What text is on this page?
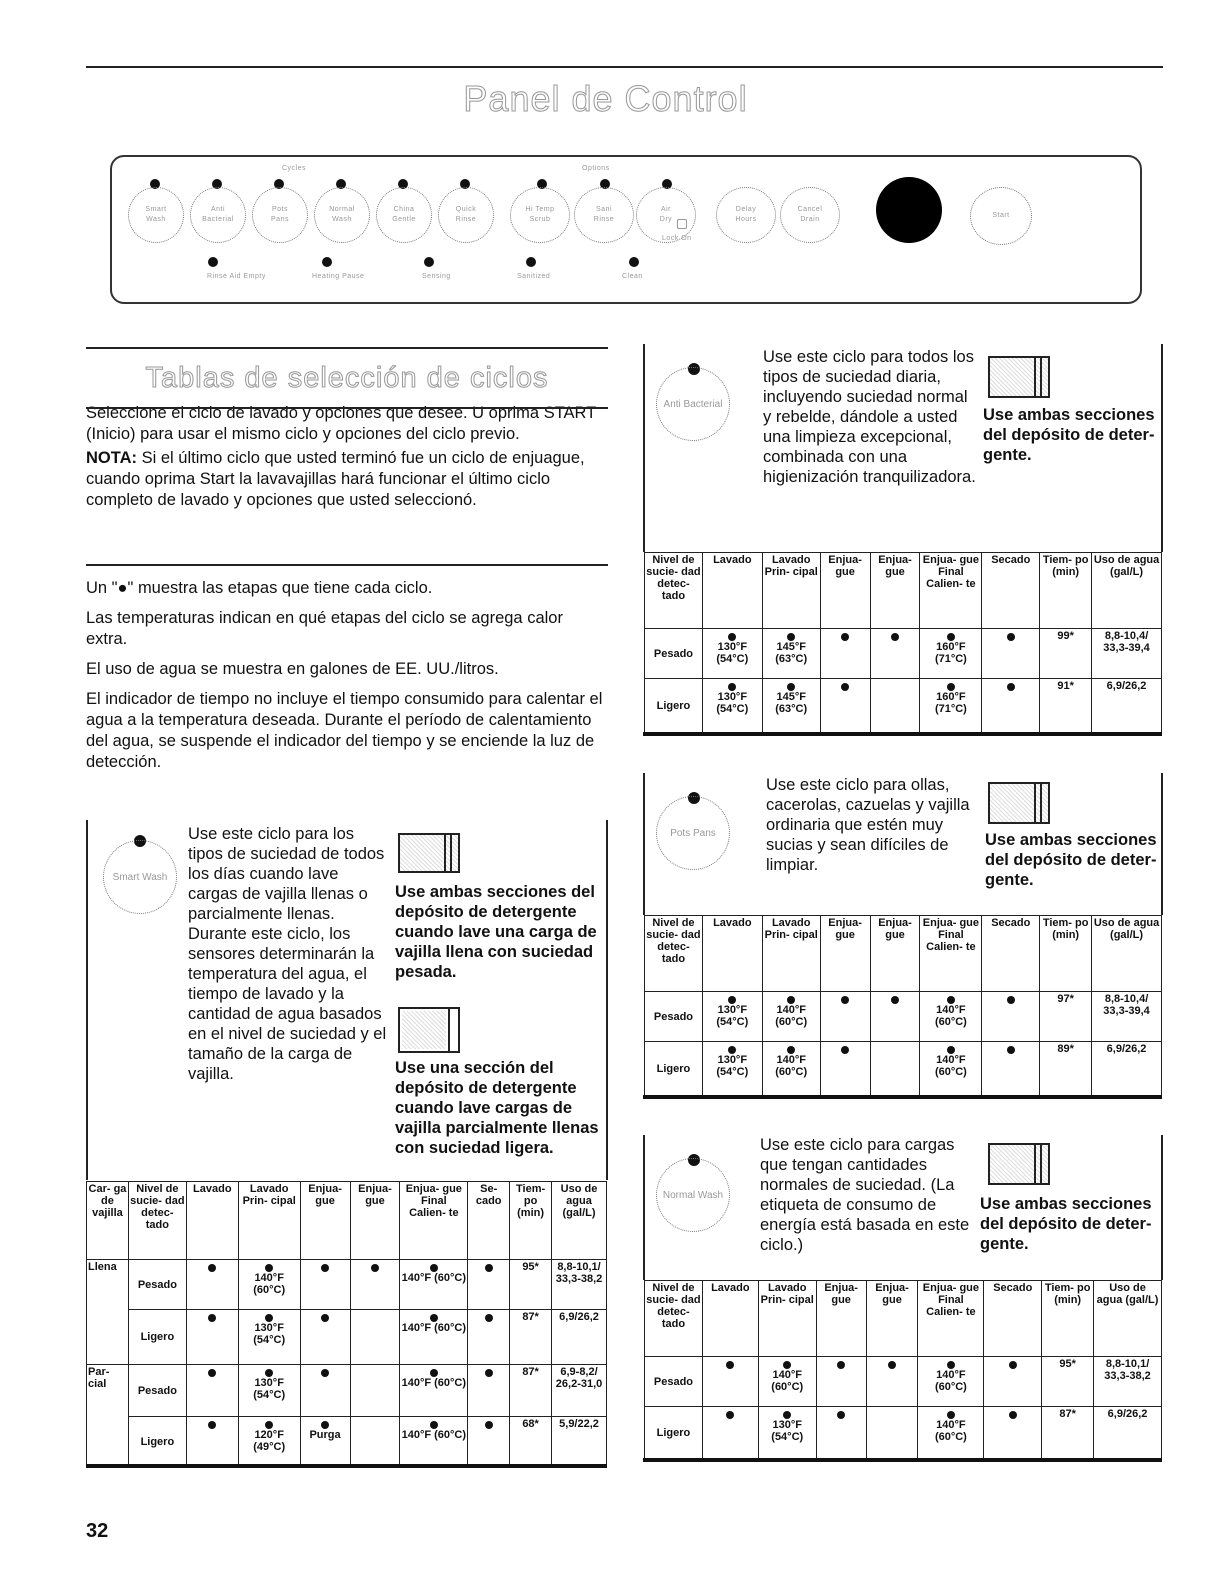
Panel de Control
Cycles	Options
Smart
Wash
Anti
Bacterial
Pots
Pans
Normal
Wash
China
Gentle
Quick
Rinse
Hi Temp
Scrub
Sani
Rinse
Air
Dry
Lock On
Delay
Hours
Cancel
Drain
Start
Rinse Aid Empty	Heating Pause	Sensing	Sanitized	Clean
Tablas de selección de ciclos

Seleccione el ciclo de lavado y opciones que desee. U oprima START (Inicio) para usar el mismo ciclo y opciones del ciclo previo.

NOTA: Si el último ciclo que usted terminó fue un ciclo de enjuague, cuando oprima Start la lavavajillas hará funcionar el último ciclo completo de lavado y opciones que usted seleccionó.

Un "●" muestra las etapas que tiene cada ciclo.

Las temperaturas indican en qué etapas del ciclo se agrega calor extra.

El uso de agua se muestra en galones de EE. UU./litros.

El indicador de tiempo no incluye el tiempo consumido para calentar el agua a la temperatura deseada. Durante el período de calentamiento del agua, se suspende el indicador del tiempo y se enciende la luz de detección.

Smart Wash
Use este ciclo para los tipos de suciedad de todos los días cuando lave cargas de vajilla llenas o parcialmente llenas. Durante este ciclo, los sensores determinarán la temperatura del agua, el tiempo de lavado y la cantidad de agua basados en el nivel de suciedad y el tamaño de la carga de vajilla.
Use ambas secciones del depósito de detergente cuando lave una carga de vajilla llena con suciedad pesada.
Use una sección del depósito de detergente cuando lave cargas de vajilla parcialmente llenas con suciedad ligera.
Car- ga de vajilla	Nivel de sucie- dad detec- tado	Lavado	Lavado Prin- cipal	Enjua- gue	Enjua- gue	Enjua- gue Final Calien- te	Se- cado	Tiem- po (min)	Uso de agua (gal/L)
Llena	Pesado		140°F (60°C)			140°F (60°C)		95*	8,8-10,1/ 33,3-38,2
	Ligero		130°F (54°C)			140°F (60°C)		87*	6,9/26,2
Par- cial	Pesado		130°F (54°C)			140°F (60°C)		87*	6,9-8,2/ 26,2-31,0
	Ligero		120°F (49°C)	Purga		140°F (60°C)		68*	5,9/22,2
Anti Bacterial
Use este ciclo para todos los tipos de suciedad diaria, incluyendo suciedad normal y rebelde, dándole a usted una limpieza excepcional, combinada con una higienización tranquilizadora.
Use ambas secciones del depósito de deter- gente.
Nivel de sucie- dad detec- tado	Lavado	Lavado Prin- cipal	Enjua- gue	Enjua- gue	Enjua- gue Final Calien- te	Secado	Tiem- po (min)	Uso de agua (gal/L)
Pesado	130°F (54°C)	145°F (63°C)			160°F (71°C)		99*	8,8-10,4/ 33,3-39,4
Ligero	130°F (54°C)	145°F (63°C)			160°F (71°C)		91*	6,9/26,2
Pots Pans
Use este ciclo para ollas, cacerolas, cazuelas y vajilla ordinaria que estén muy sucias y sean difíciles de limpiar.
Use ambas secciones del depósito de deter- gente.
Nivel de sucie- dad detec- tado	Lavado	Lavado Prin- cipal	Enjua- gue	Enjua- gue	Enjua- gue Final Calien- te	Secado	Tiem- po (min)	Uso de agua (gal/L)
Pesado	130°F (54°C)	140°F (60°C)			140°F (60°C)		97*	8,8-10,4/ 33,3-39,4
Ligero	130°F (54°C)	140°F (60°C)			140°F (60°C)		89*	6,9/26,2
Normal Wash
Use este ciclo para cargas que tengan cantidades normales de suciedad. (La etiqueta de consumo de energía está basada en este ciclo.)
Use ambas secciones del depósito de deter- gente.
Nivel de sucie- dad detec- tado	Lavado	Lavado Prin- cipal	Enjua- gue	Enjua- gue	Enjua- gue Final Calien- te	Secado	Tiem- po (min)	Uso de agua (gal/L)
Pesado		140°F (60°C)			140°F (60°C)		95*	8,8-10,1/ 33,3-38,2
Ligero		130°F (54°C)			140°F (60°C)		87*	6,9/26,2
32
